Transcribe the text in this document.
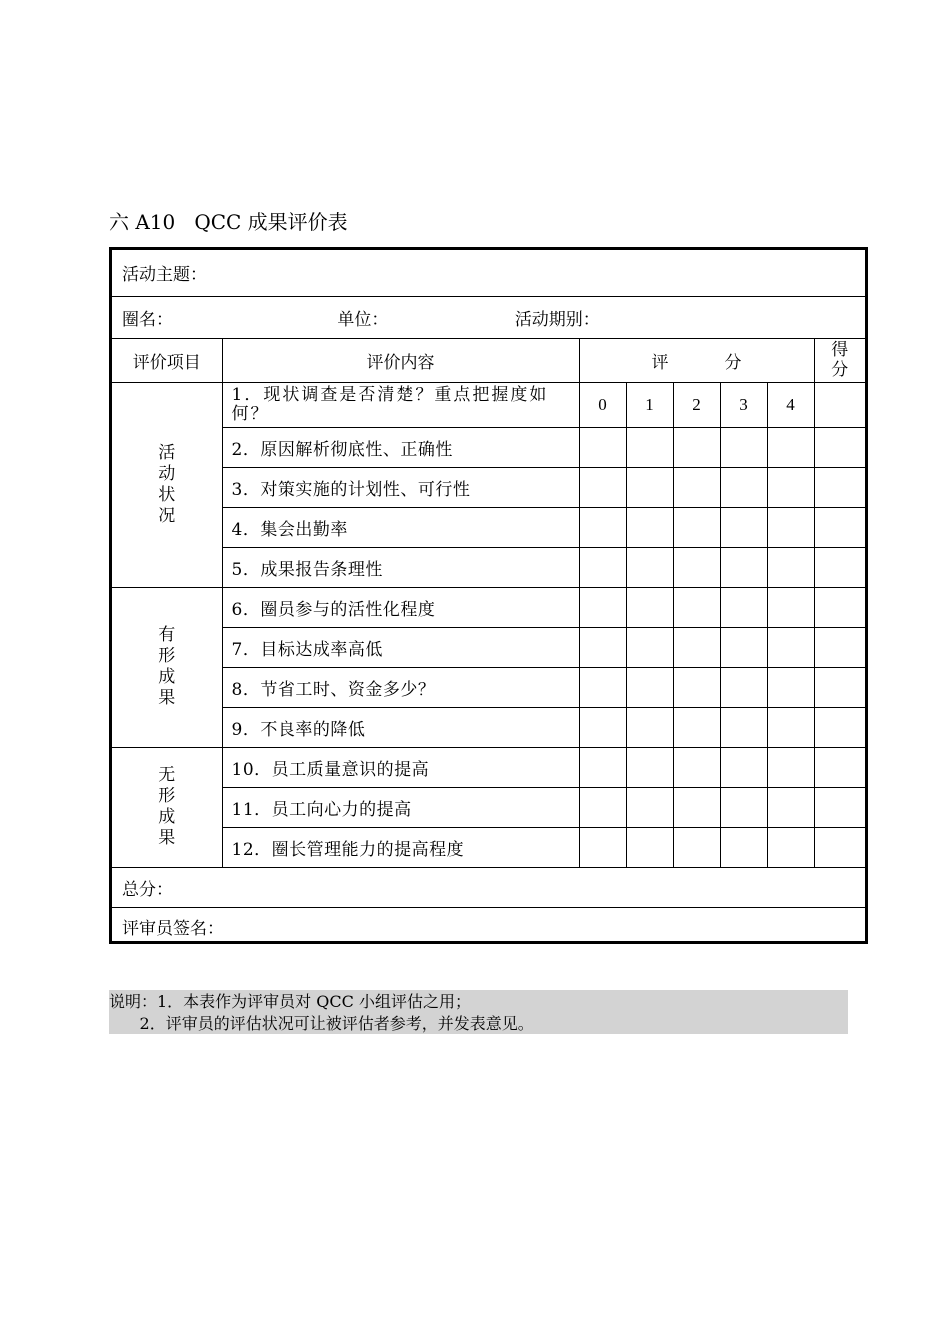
六 A10   QCC 成果评价表
活动主题：							
圈名： 单位： 活动期别：							
评价项目	评价内容	评 分					得
分

活
动
状
况	1．现状调查是否清楚？重点把握度如何？	0	1	2	3	4	
	2．原因解析彻底性、正确性						
	3．对策实施的计划性、可行性						
	4．集会出勤率						
	5．成果报告条理性						

有
形
成
果	6．圈员参与的活性化程度						
	7．目标达成率高低						
	8．节省工时、资金多少？						
	9．不良率的降低						

无
形
成
果	10．员工质量意识的提高						
	11．员工向心力的提高						
	12．圈长管理能力的提高程度						
总分：							
评审员签名：							
说明：1．本表作为评审员对 QCC 小组评估之用；
2．评审员的评估状况可让被评估者参考，并发表意见。
